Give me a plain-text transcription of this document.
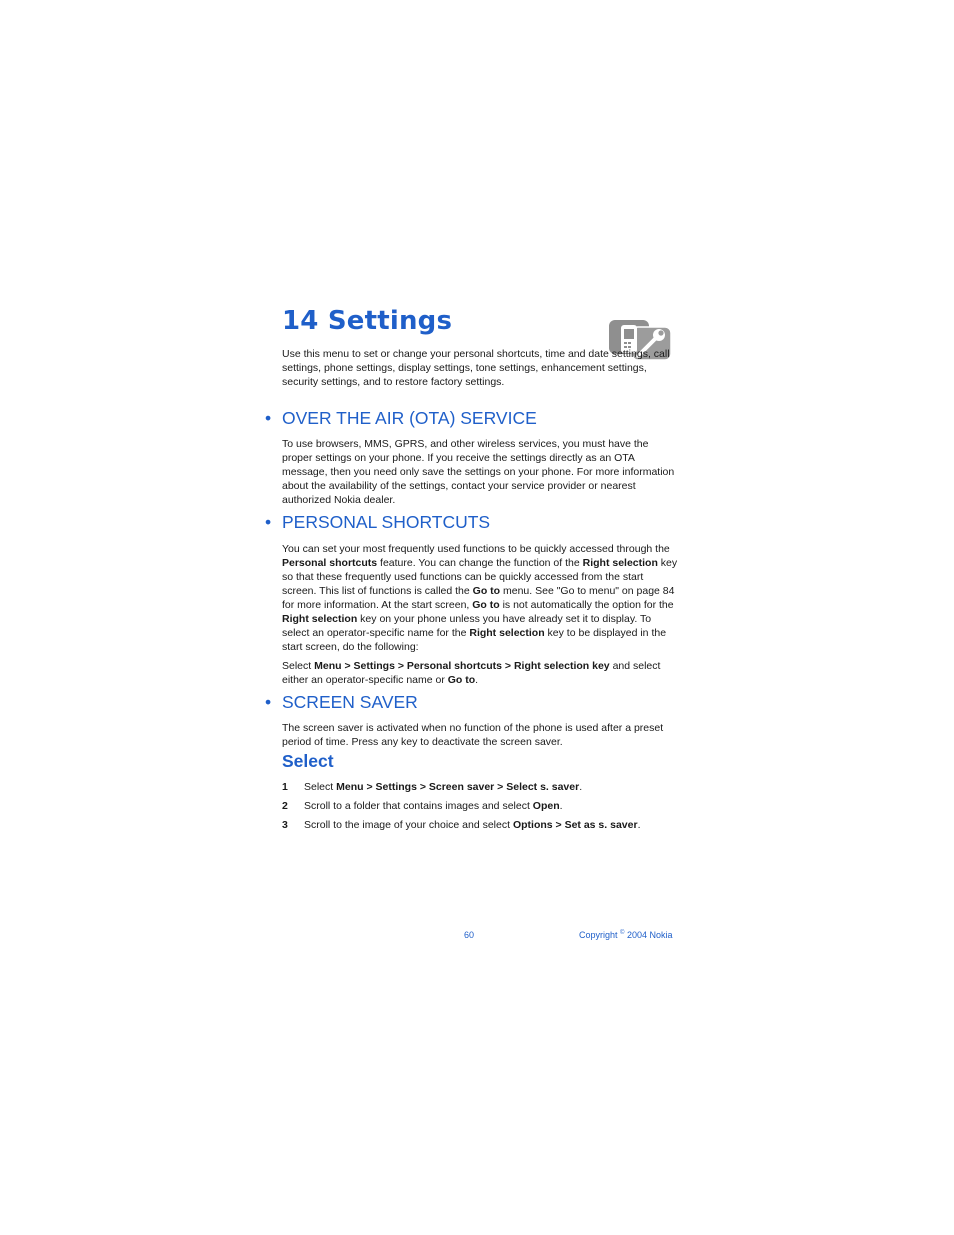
14 Settings

Use this menu to set or change your personal shortcuts, time and date settings, call settings, phone settings, display settings, tone settings, enhancement settings, security settings, and to restore factory settings.

• OVER THE AIR (OTA) SERVICE

To use browsers, MMS, GPRS, and other wireless services, you must have the proper settings on your phone. If you receive the settings directly as an OTA message, then you need only save the settings on your phone. For more information about the availability of the settings, contact your service provider or nearest authorized Nokia dealer.

• PERSONAL SHORTCUTS

You can set your most frequently used functions to be quickly accessed through the Personal shortcuts feature. You can change the function of the Right selection key so that these frequently used functions can be quickly accessed from the start screen. This list of functions is called the Go to menu. See "Go to menu" on page 84 for more information. At the start screen, Go to is not automatically the option for the Right selection key on your phone unless you have already set it to display. To select an operator-specific name for the Right selection key to be displayed in the start screen, do the following:

Select Menu > Settings > Personal shortcuts > Right selection key and select either an operator-specific name or Go to.

• SCREEN SAVER

The screen saver is activated when no function of the phone is used after a preset period of time. Press any key to deactivate the screen saver.

Select
1 Select Menu > Settings > Screen saver > Select s. saver.
2 Scroll to a folder that contains images and select Open.
3 Scroll to the image of your choice and select Options > Set as s. saver.
60	Copyright © 2004 Nokia
